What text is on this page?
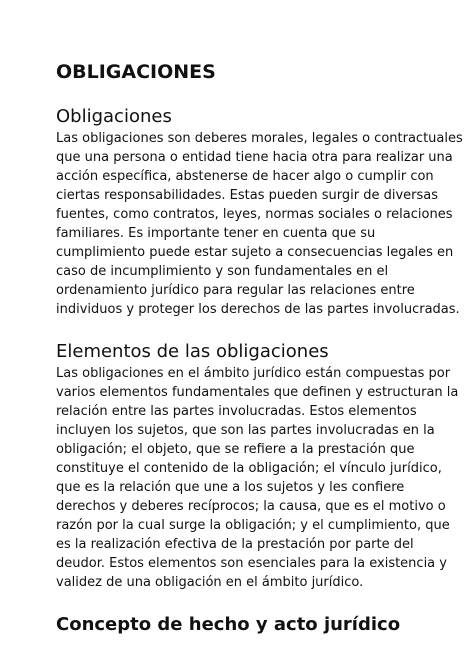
OBLIGACIONES
Obligaciones

Las obligaciones son deberes morales, legales o contractuales
que una persona o entidad tiene hacia otra para realizar una
acción específica, abstenerse de hacer algo o cumplir con
ciertas responsabilidades. Estas pueden surgir de diversas
fuentes, como contratos, leyes, normas sociales o relaciones
familiares. Es importante tener en cuenta que su
cumplimiento puede estar sujeto a consecuencias legales en
caso de incumplimiento y son fundamentales en el
ordenamiento jurídico para regular las relaciones entre
individuos y proteger los derechos de las partes involucradas.

Elementos de las obligaciones

Las obligaciones en el ámbito jurídico están compuestas por
varios elementos fundamentales que definen y estructuran la
relación entre las partes involucradas. Estos elementos
incluyen los sujetos, que son las partes involucradas en la
obligación; el objeto, que se refiere a la prestación que
constituye el contenido de la obligación; el vínculo jurídico,
que es la relación que une a los sujetos y les confiere
derechos y deberes recíprocos; la causa, que es el motivo o
razón por la cual surge la obligación; y el cumplimiento, que
es la realización efectiva de la prestación por parte del
deudor. Estos elementos son esenciales para la existencia y
validez de una obligación en el ámbito jurídico.

Concepto de hecho y acto jurídico
